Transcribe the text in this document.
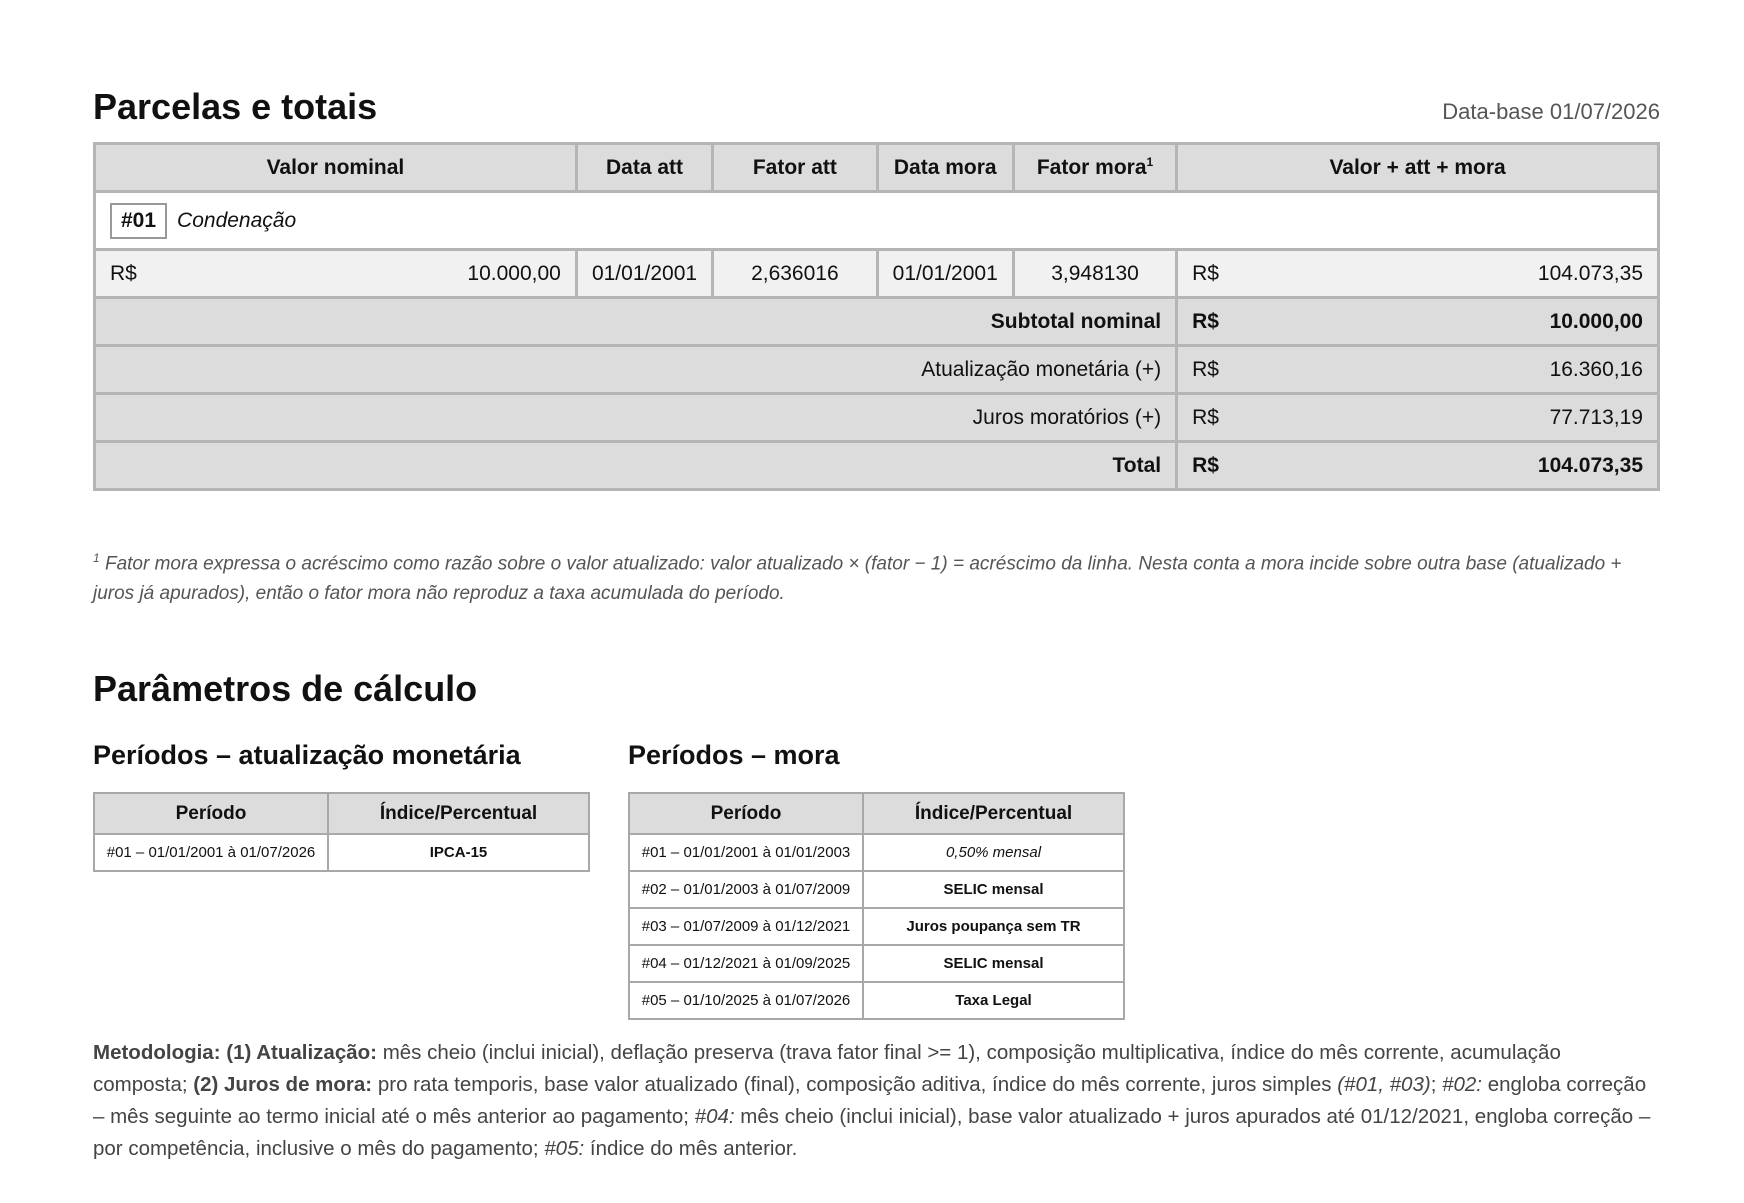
Parcelas e totais	Data-base 01/07/2026
Valor nominal	Data att	Fator att	Data mora	Fator mora$^1$	Valor + att + mora
#01 Condenação					

R$ 10.000,00	01/01/2001	2,636016	01/01/2001	3,948130	R$ 104.073,35

Subtotal nominal					R$ 10.000,00

Atualização monetária (+)					R$ 16.360,16

Juros moratórios (+)					R$ 77.713,19

Total					R$ 104.073,35
$^1$ Fator mora expressa o acréscimo como razão sobre o valor atualizado: valor atualizado × (fator − 1) = acréscimo da linha. Nesta conta a mora incide sobre outra base (atualizado + juros já apurados), então o fator mora não reproduz a taxa acumulada do período.
Parâmetros de cálculo
Períodos – atualização monetária
Período	Índice/Percentual
#01 – 01/01/2001 à 01/07/2026	IPCA-15
Períodos – mora
Período	Índice/Percentual
#01 – 01/01/2001 à 01/01/2003	0,50% mensal
#02 – 01/01/2003 à 01/07/2009	SELIC mensal
#03 – 01/07/2009 à 01/12/2021	Juros poupança sem TR
#04 – 01/12/2021 à 01/09/2025	SELIC mensal
#05 – 01/10/2025 à 01/07/2026	Taxa Legal
Metodologia: (1) Atualização: mês cheio (inclui inicial), deflação preserva (trava fator final >= 1), composição multiplicativa, índice do mês corrente, acumulação composta; (2) Juros de mora: pro rata temporis, base valor atualizado (final), composição aditiva, índice do mês corrente, juros simples (#01, #03); #02: engloba correção – mês seguinte ao termo inicial até o mês anterior ao pagamento; #04: mês cheio (inclui inicial), base valor atualizado + juros apurados até 01/12/2021, engloba correção – por competência, inclusive o mês do pagamento; #05: índice do mês anterior.
